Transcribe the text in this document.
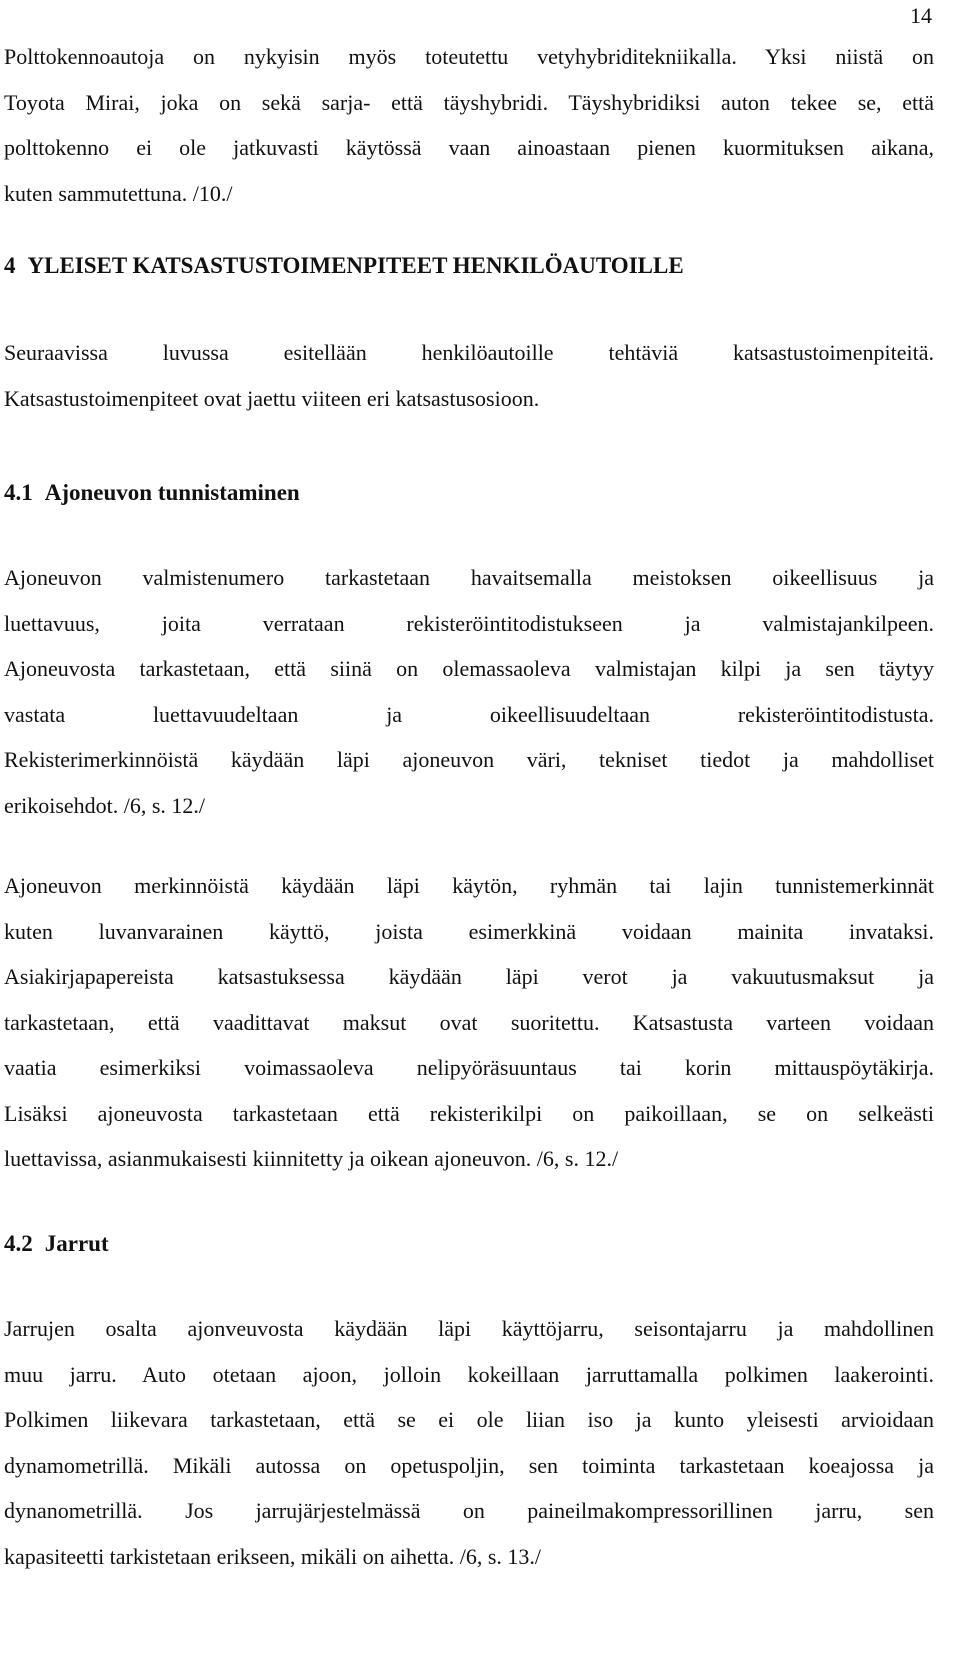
14
Polttokennoautoja on nykyisin myös toteutettu vetyhybriditekniikalla. Yksi niistä on
Toyota Mirai, joka on sekä sarja- että täyshybridi. Täyshybridiksi auton tekee se, että
polttokenno ei ole jatkuvasti käytössä vaan ainoastaan pienen kuormituksen aikana,
kuten sammutettuna. /10./
4 YLEISET KATSASTUSTOIMENPITEET HENKILÖAUTOILLE
Seuraavissa luvussa esitellään henkilöautoille tehtäviä katsastustoimenpiteitä.
Katsastustoimenpiteet ovat jaettu viiteen eri katsastusosioon.
4.1 Ajoneuvon tunnistaminen
Ajoneuvon valmistenumero tarkastetaan havaitsemalla meistoksen oikeellisuus ja
luettavuus, joita verrataan rekisteröintitodistukseen ja valmistajankilpeen.
Ajoneuvosta tarkastetaan, että siinä on olemassaoleva valmistajan kilpi ja sen täytyy
vastata luettavuudeltaan ja oikeellisuudeltaan rekisteröintitodistusta.
Rekisterimerkinnöistä käydään läpi ajoneuvon väri, tekniset tiedot ja mahdolliset
erikoisehdot. /6, s. 12./
Ajoneuvon merkinnöistä käydään läpi käytön, ryhmän tai lajin tunnistemerkinnät
kuten luvanvarainen käyttö, joista esimerkkinä voidaan mainita invataksi.
Asiakirjapapereista katsastuksessa käydään läpi verot ja vakuutusmaksut ja
tarkastetaan, että vaadittavat maksut ovat suoritettu. Katsastusta varteen voidaan
vaatia esimerkiksi voimassaoleva nelipyöräsuuntaus tai korin mittauspöytäkirja.
Lisäksi ajoneuvosta tarkastetaan että rekisterikilpi on paikoillaan, se on selkeästi
luettavissa, asianmukaisesti kiinnitetty ja oikean ajoneuvon. /6, s. 12./
4.2 Jarrut
Jarrujen osalta ajonveuvosta käydään läpi käyttöjarru, seisontajarru ja mahdollinen
muu jarru. Auto otetaan ajoon, jolloin kokeillaan jarruttamalla polkimen laakerointi.
Polkimen liikevara tarkastetaan, että se ei ole liian iso ja kunto yleisesti arvioidaan
dynamometrillä. Mikäli autossa on opetuspoljin, sen toiminta tarkastetaan koeajossa ja
dynanometrillä. Jos jarrujärjestelmässä on paineilmakompressorillinen jarru, sen
kapasiteetti tarkistetaan erikseen, mikäli on aihetta. /6, s. 13./
